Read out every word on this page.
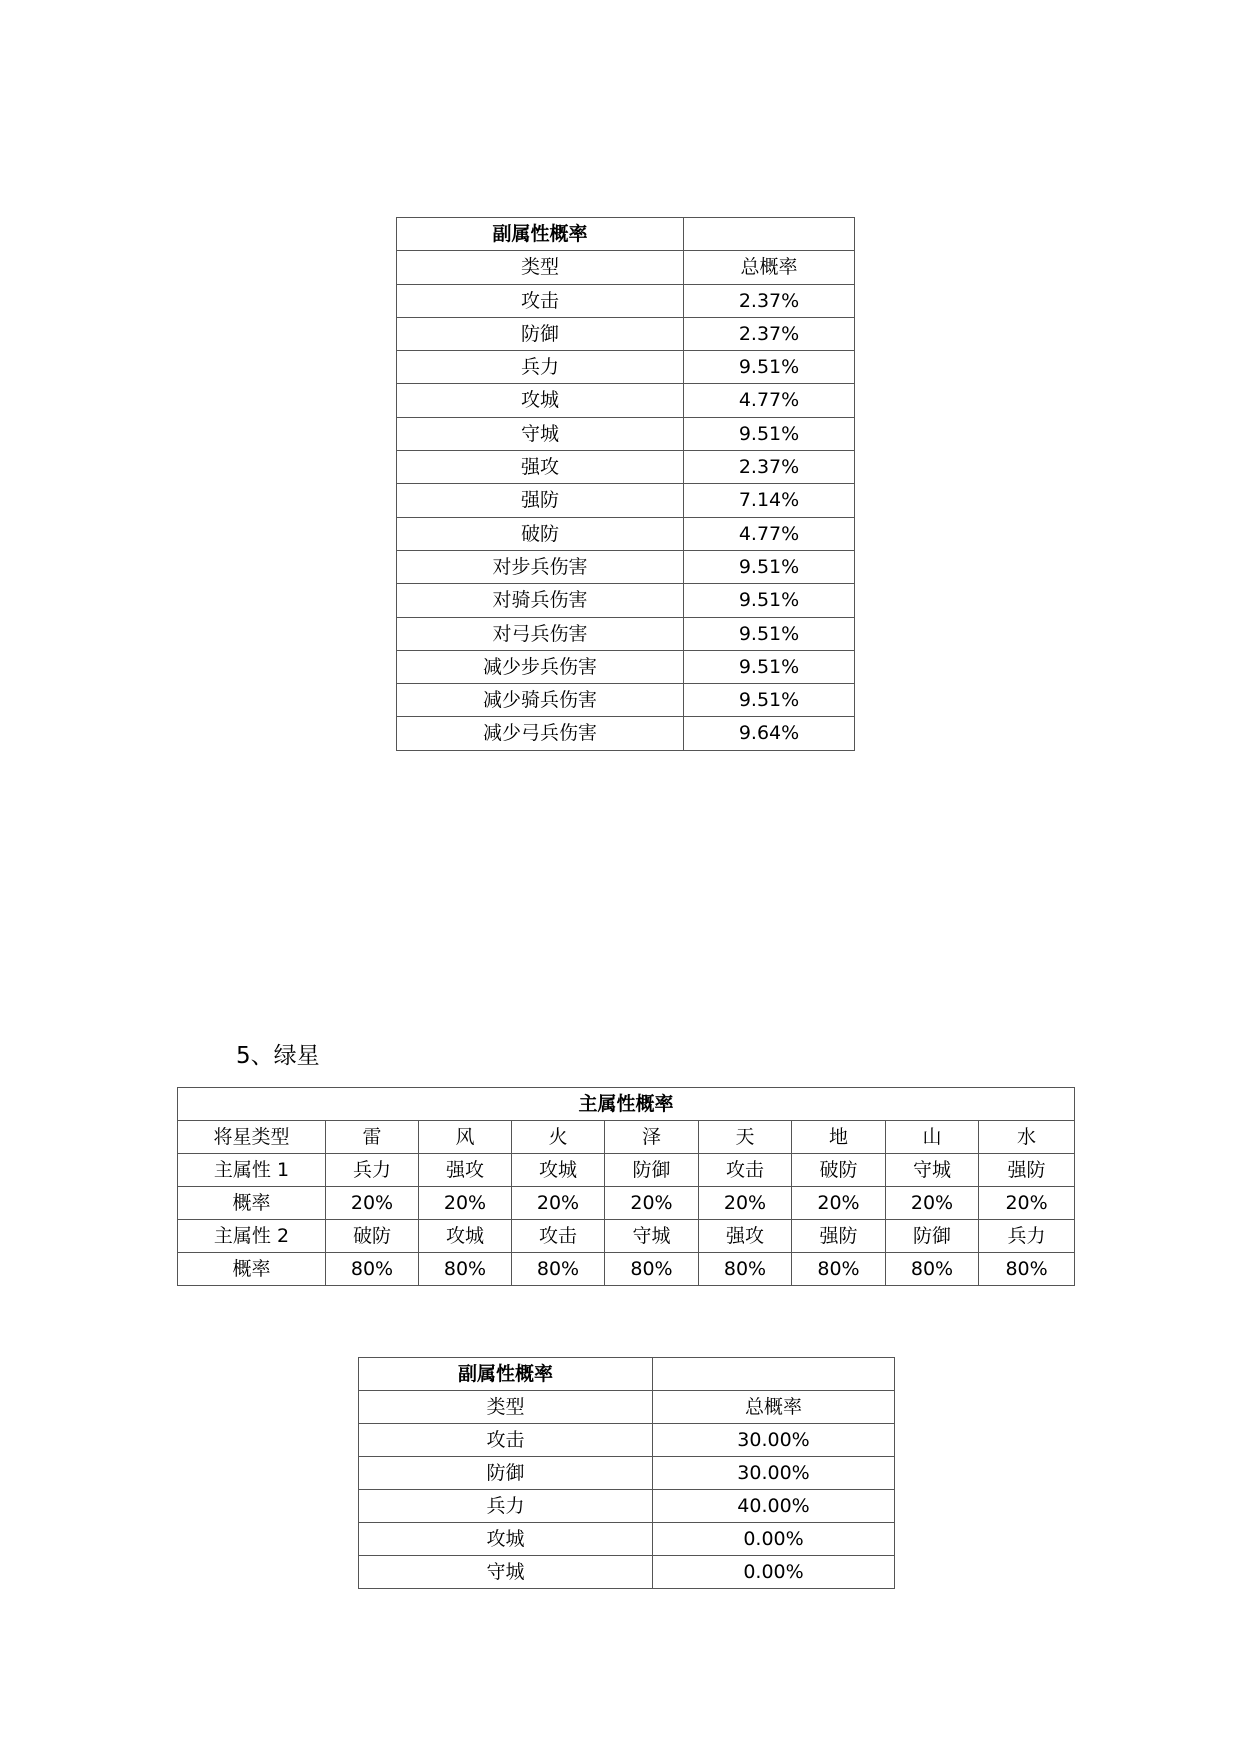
副属性概率	
类型	总概率
攻击	2.37%
防御	2.37%
兵力	9.51%
攻城	4.77%
守城	9.51%
强攻	2.37%
强防	7.14%
破防	4.77%
对步兵伤害	9.51%
对骑兵伤害	9.51%
对弓兵伤害	9.51%
减少步兵伤害	9.51%
减少骑兵伤害	9.51%
减少弓兵伤害	9.64%
5、绿星
主属性概率								
将星类型	雷	风	火	泽	天	地	山	水
主属性 1	兵力	强攻	攻城	防御	攻击	破防	守城	强防
概率	20%	20%	20%	20%	20%	20%	20%	20%
主属性 2	破防	攻城	攻击	守城	强攻	强防	防御	兵力
概率	80%	80%	80%	80%	80%	80%	80%	80%
副属性概率	
类型	总概率
攻击	30.00%
防御	30.00%
兵力	40.00%
攻城	0.00%
守城	0.00%
